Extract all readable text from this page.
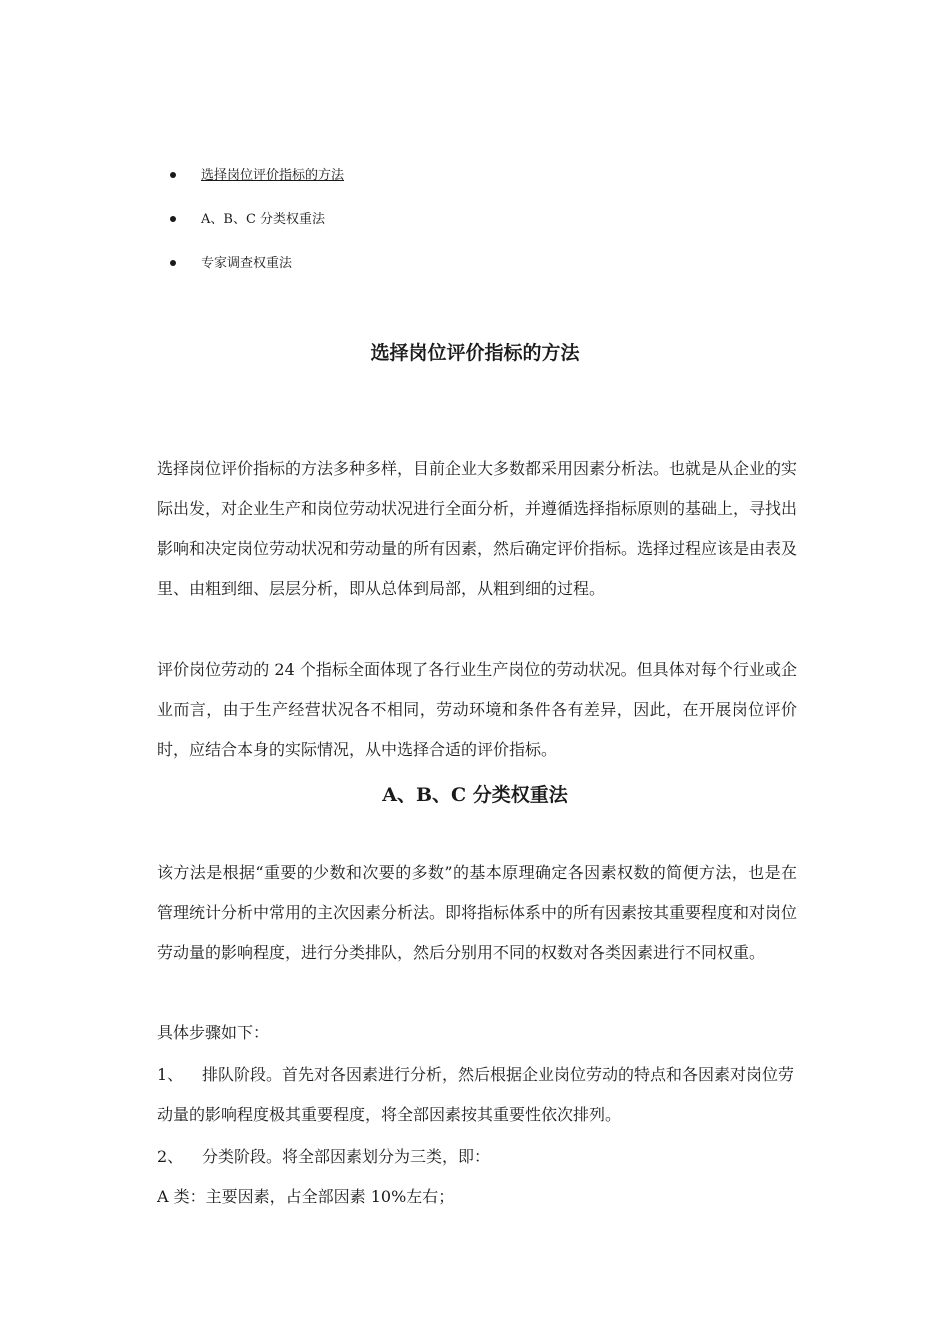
选择岗位评价指标的方法
A、B、C 分类权重法
专家调查权重法
选择岗位评价指标的方法

选择岗位评价指标的方法多种多样，目前企业大多数都采用因素分析法。也就是从企业的实际出发，对企业生产和岗位劳动状况进行全面分析，并遵循选择指标原则的基础上，寻找出影响和决定岗位劳动状况和劳动量的所有因素，然后确定评价指标。选择过程应该是由表及里、由粗到细、层层分析，即从总体到局部，从粗到细的过程。

评价岗位劳动的 24 个指标全面体现了各行业生产岗位的劳动状况。但具体对每个行业或企业而言，由于生产经营状况各不相同，劳动环境和条件各有差异，因此，在开展岗位评价时，应结合本身的实际情况，从中选择合适的评价指标。

A、B、C 分类权重法

该方法是根据“重要的少数和次要的多数”的基本原理确定各因素权数的简便方法，也是在管理统计分析中常用的主次因素分析法。即将指标体系中的所有因素按其重要程度和对岗位劳动量的影响程度，进行分类排队，然后分别用不同的权数对各类因素进行不同权重。

具体步骤如下：

1、 排队阶段。首先对各因素进行分析，然后根据企业岗位劳动的特点和各因素对岗位劳动量的影响程度极其重要程度，将全部因素按其重要性依次排列。

2、 分类阶段。将全部因素划分为三类，即：

A 类：主要因素，占全部因素 10%左右；
